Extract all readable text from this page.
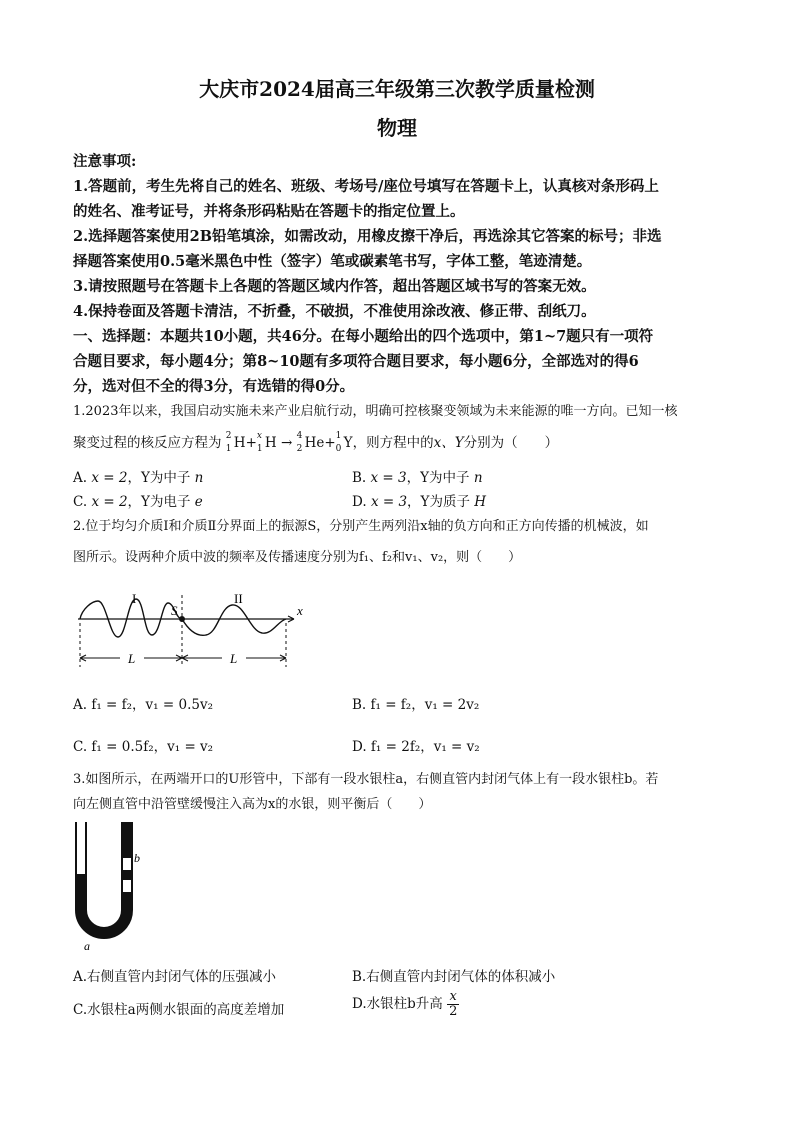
大庆市2024届高三年级第三次教学质量检测
物理
注意事项:
1.答题前，考生先将自己的姓名、班级、考场号/座位号填写在答题卡上，认真核对条形码上
的姓名、准考证号，并将条形码粘贴在答题卡的指定位置上。
2.选择题答案使用2B铅笔填涂，如需改动，用橡皮擦干净后，再选涂其它答案的标号；非选
择题答案使用0.5毫米黑色中性（签字）笔或碳素笔书写，字体工整，笔迹清楚。
3.请按照题号在答题卡上各题的答题区域内作答，超出答题区域书写的答案无效。
4.保持卷面及答题卡清洁，不折叠，不破损，不准使用涂改液、修正带、刮纸刀。
一、选择题：本题共10小题，共46分。在每小题给出的四个选项中，第1~7题只有一项符
合题目要求，每小题4分；第8~10题有多项符合题目要求，每小题6分，全部选对的得6
分，选对但不全的得3分，有选错的得0分。
1.2023年以来，我国启动实施未来产业启航行动，明确可控核聚变领域为未来能源的唯一方向。已知一核
聚变过程的核反应方程为 2
1 H+ x
1 H → 4
2 He+ 1
0 Y，则方程中的x、Y分别为（　　）
A. x = 2，Y为中子 n	B. x = 3，Y为中子 n
C. x = 2，Y为电子 e	D. x = 3，Y为质子 H
2.位于均匀介质Ⅰ和介质Ⅱ分界面上的振源S，分别产生两列沿x轴的负方向和正方向传播的机械波，如
图所示。设两种介质中波的频率及传播速度分别为f₁、f₂和v₁、v₂，则（　　）
I
S
II
x
L	L
A. f₁ = f₂，v₁ = 0.5v₂	B. f₁ = f₂，v₁ = 2v₂
C. f₁ = 0.5f₂，v₁ = v₂	D. f₁ = 2f₂，v₁ = v₂
3.如图所示，在两端开口的U形管中，下部有一段水银柱a，右侧直管内封闭气体上有一段水银柱b。若
向左侧直管中沿管壁缓慢注入高为x的水银，则平衡后（　　）
b
a
A.右侧直管内封闭气体的压强减小	B.右侧直管内封闭气体的体积减小
C.水银柱a两侧水银面的高度差增加	D.水银柱b升高 $\frac{x}{2}$
